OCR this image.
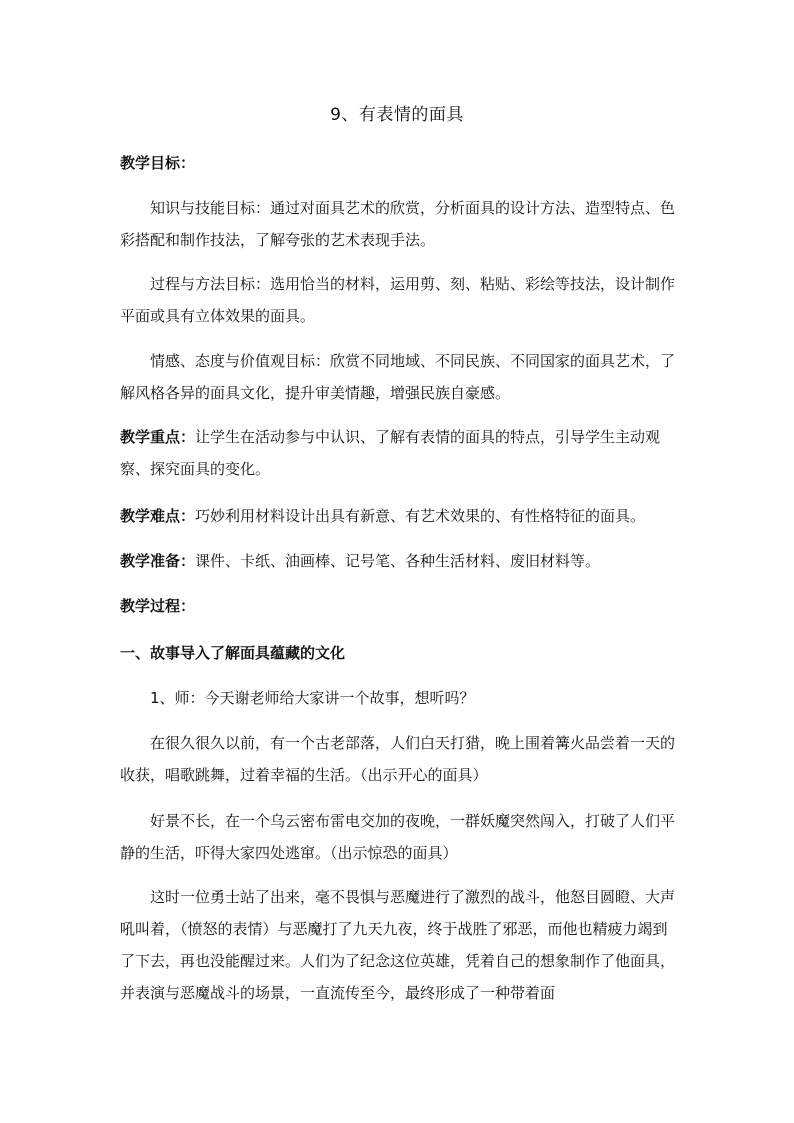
9、有表情的面具

教学目标：

知识与技能目标：通过对面具艺术的欣赏，分析面具的设计方法、造型特点、色彩搭配和制作技法，了解夸张的艺术表现手法。

过程与方法目标：选用恰当的材料，运用剪、刻、粘贴、彩绘等技法，设计制作平面或具有立体效果的面具。

情感、态度与价值观目标：欣赏不同地域、不同民族、不同国家的面具艺术，了解风格各异的面具文化，提升审美情趣，增强民族自豪感。

教学重点：让学生在活动参与中认识、了解有表情的面具的特点，引导学生主动观察、探究面具的变化。

教学难点：巧妙利用材料设计出具有新意、有艺术效果的、有性格特征的面具。

教学准备：课件、卡纸、油画棒、记号笔、各种生活材料、废旧材料等。

教学过程：

一、故事导入了解面具蕴藏的文化

1、师：今天谢老师给大家讲一个故事，想听吗？

在很久很久以前，有一个古老部落，人们白天打猎，晚上围着篝火品尝着一天的收获，唱歌跳舞，过着幸福的生活。（出示开心的面具）

好景不长，在一个乌云密布雷电交加的夜晚，一群妖魔突然闯入，打破了人们平静的生活，吓得大家四处逃窜。（出示惊恐的面具）

这时一位勇士站了出来，毫不畏惧与恶魔进行了激烈的战斗，他怒目圆瞪、大声吼叫着，（愤怒的表情）与恶魔打了九天九夜，终于战胜了邪恶，而他也精疲力竭到了下去，再也没能醒过来。人们为了纪念这位英雄，凭着自己的想象制作了他面具，并表演与恶魔战斗的场景，一直流传至今，最终形成了一种带着面
